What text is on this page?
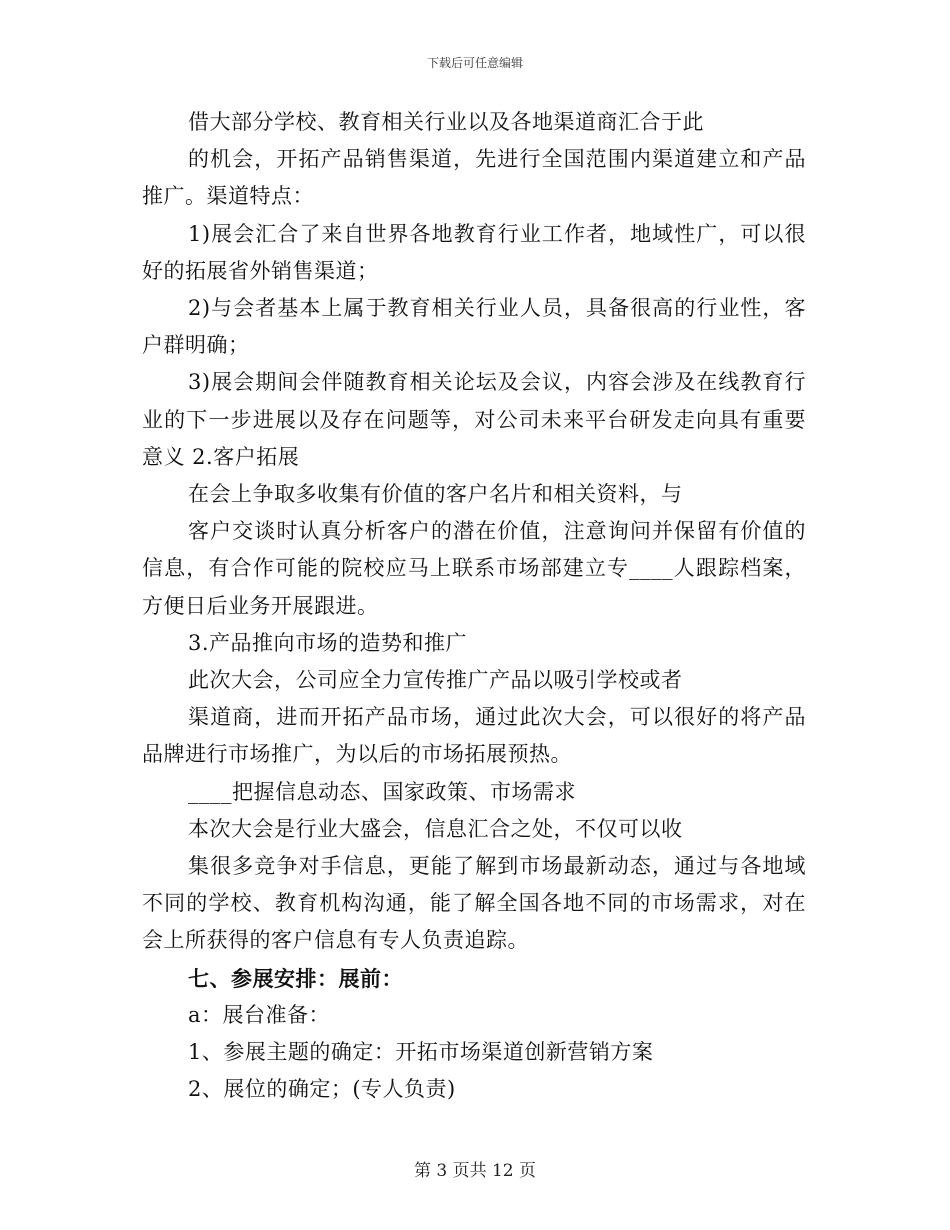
下载后可任意编辑

借大部分学校、教育相关行业以及各地渠道商汇合于此

的机会，开拓产品销售渠道，先进行全国范围内渠道建立和产品推广。渠道特点：

1)展会汇合了来自世界各地教育行业工作者，地域性广，可以很好的拓展省外销售渠道；

2)与会者基本上属于教育相关行业人员，具备很高的行业性，客户群明确；

3)展会期间会伴随教育相关论坛及会议，内容会涉及在线教育行业的下一步进展以及存在问题等，对公司未来平台研发走向具有重要意义 2.客户拓展

在会上争取多收集有价值的客户名片和相关资料，与

客户交谈时认真分析客户的潜在价值，注意询问并保留有价值的信息，有合作可能的院校应马上联系市场部建立专____人跟踪档案，方便日后业务开展跟进。

3.产品推向市场的造势和推广

此次大会，公司应全力宣传推广产品以吸引学校或者

渠道商，进而开拓产品市场，通过此次大会，可以很好的将产品品牌进行市场推广，为以后的市场拓展预热。

____把握信息动态、国家政策、市场需求

本次大会是行业大盛会，信息汇合之处，不仅可以收

集很多竞争对手信息，更能了解到市场最新动态，通过与各地域不同的学校、教育机构沟通，能了解全国各地不同的市场需求，对在会上所获得的客户信息有专人负责追踪。

七、参展安排：展前：

a：展台准备：

1、参展主题的确定：开拓市场渠道创新营销方案

2、展位的确定；(专人负责)

第 3 页共 12 页
